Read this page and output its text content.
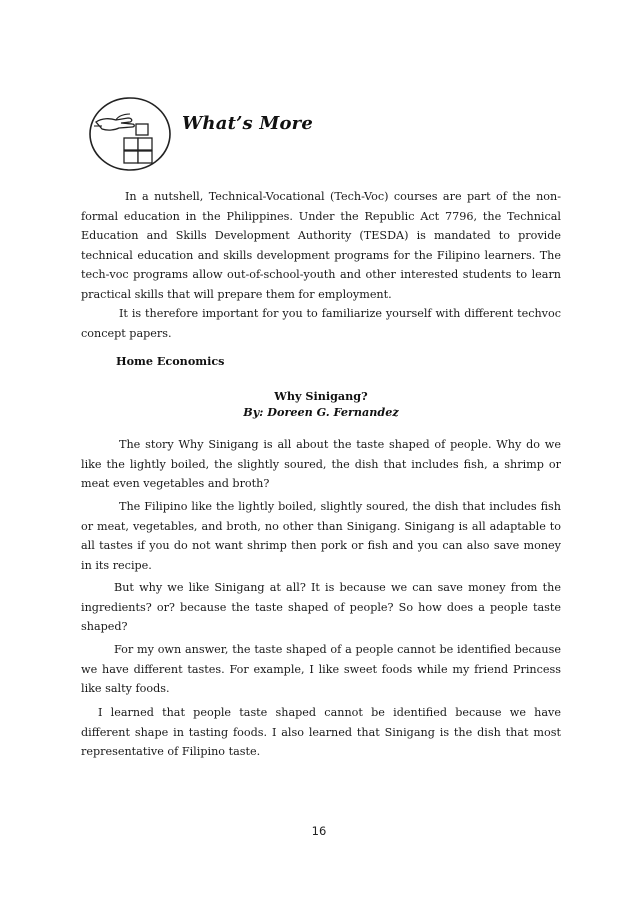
What’s More

In a nutshell, Technical-Vocational (Tech-Voc) courses are part of the non-formal education in the Philippines. Under the Republic Act 7796, the Technical Education and Skills Development Authority (TESDA) is mandated to provide technical education and skills development programs for the Filipino learners. The tech-voc programs allow out-of-school-youth and other interested students to learn practical skills that will prepare them for employment.

It is therefore important for you to familiarize yourself with different techvoc concept papers.

Home Economics

Why Sinigang?

By: Doreen G. Fernandez

The story Why Sinigang is all about the taste shaped of people. Why do we like the lightly boiled, the slightly soured, the dish that includes fish, a shrimp or meat even vegetables and broth?

The Filipino like the lightly boiled, slightly soured, the dish that includes fish or meat, vegetables, and broth, no other than Sinigang. Sinigang is all adaptable to all tastes if you do not want shrimp then pork or fish and you can also save money in its recipe.

But why we like Sinigang at all? It is because we can save money from the ingredients? or? because the taste shaped of people? So how does a people taste shaped?

For my own answer, the taste shaped of a people cannot be identified because we have different tastes. For example, I like sweet foods while my friend Princess like salty foods.

I learned that people taste shaped cannot be identified because we have different shape in tasting foods. I also learned that Sinigang is the dish that most representative of Filipino taste.

16
